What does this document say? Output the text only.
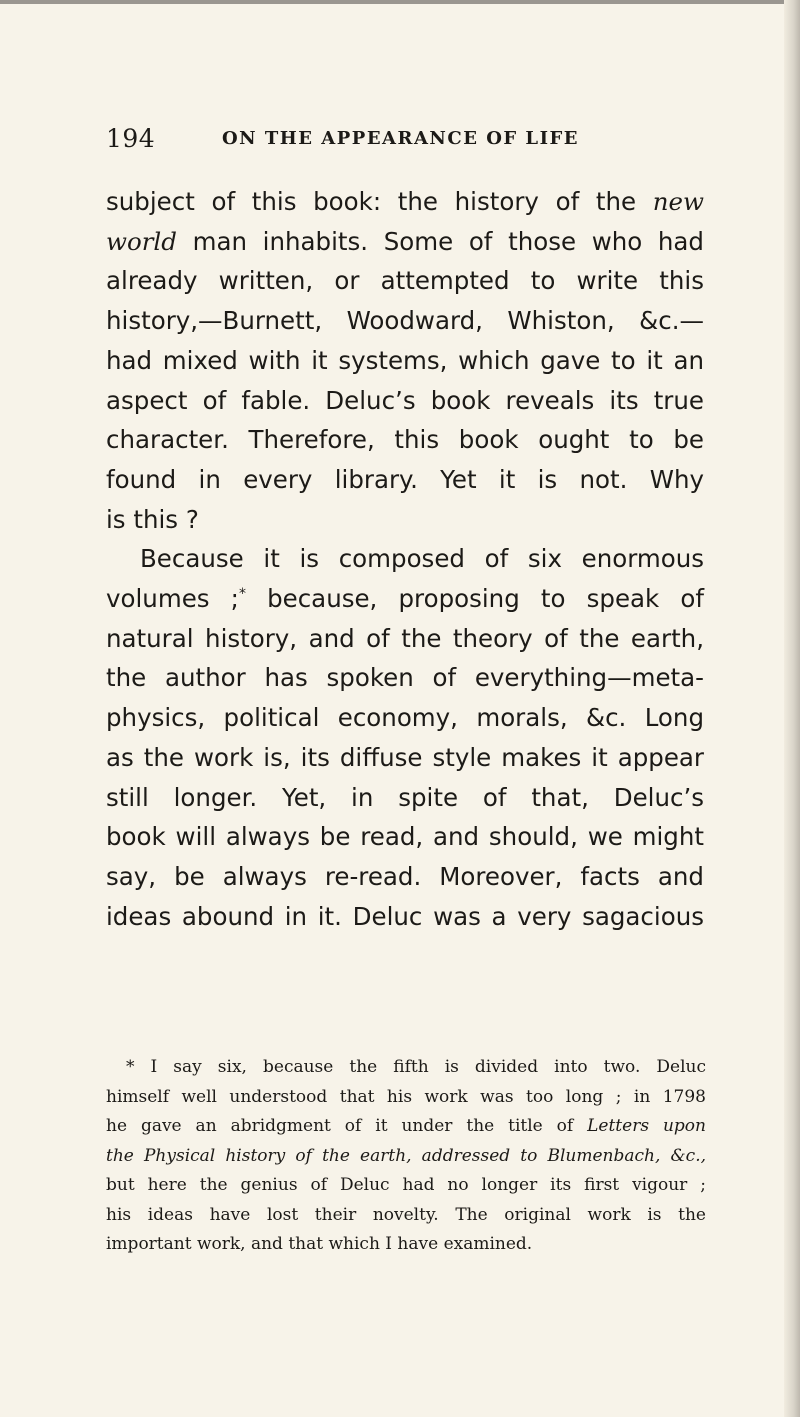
194	ON THE APPEARANCE OF LIFE
subject of this book: the history of the new
world man inhabits. Some of those who had
already written, or attempted to write this
history,—Burnett, Woodward, Whiston, &c.—
had mixed with it systems, which gave to it an
aspect of fable. Deluc’s book reveals its true
character. Therefore, this book ought to be
found in every library. Yet it is not. Why
is this ?
Because it is composed of six enormous
volumes ;* because, proposing to speak of
natural history, and of the theory of the earth,
the author has spoken of everything—meta-
physics, political economy, morals, &c. Long
as the work is, its diffuse style makes it appear
still longer. Yet, in spite of that, Deluc’s
book will always be read, and should, we might
say, be always re-read. Moreover, facts and
ideas abound in it. Deluc was a very sagacious
* I say six, because the fifth is divided into two. Deluc
himself well understood that his work was too long ; in 1798
he gave an abridgment of it under the title of Letters upon
the Physical history of the earth, addressed to Blumenbach, &c.,
but here the genius of Deluc had no longer its first vigour ;
his ideas have lost their novelty. The original work is the
important work, and that which I have examined.
